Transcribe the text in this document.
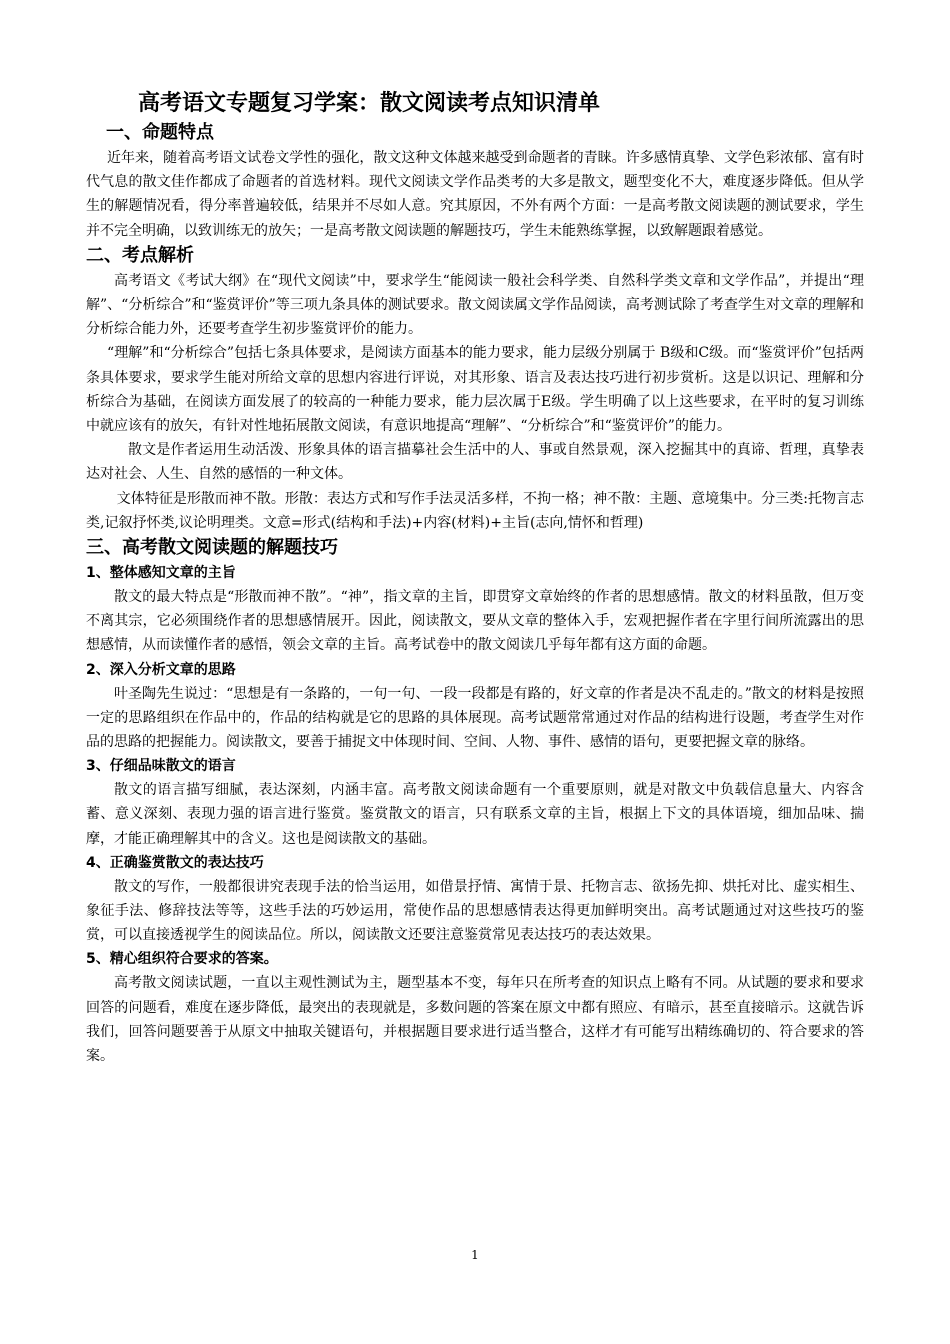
高考语文专题复习学案：散文阅读考点知识清单
一、命题特点

近年来，随着高考语文试卷文学性的强化，散文这种文体越来越受到命题者的青睐。许多感情真挚、文学色彩浓郁、富有时代气息的散文佳作都成了命题者的首选材料。现代文阅读文学作品类考的大多是散文，题型变化不大，难度逐步降低。但从学生的解题情况看，得分率普遍较低，结果并不尽如人意。究其原因，不外有两个方面：一是高考散文阅读题的测试要求，学生并不完全明确，以致训练无的放矢；一是高考散文阅读题的解题技巧，学生未能熟练掌握，以致解题跟着感觉。

二、考点解析

高考语文《考试大纲》在“现代文阅读”中，要求学生“能阅读一般社会科学类、自然科学类文章和文学作品”，并提出“理解”、“分析综合”和“鉴赏评价”等三项九条具体的测试要求。散文阅读属文学作品阅读，高考测试除了考查学生对文章的理解和分析综合能力外，还要考查学生初步鉴赏评价的能力。

“理解”和“分析综合”包括七条具体要求，是阅读方面基本的能力要求，能力层级分别属于 B级和C级。而“鉴赏评价”包括两条具体要求，要求学生能对所给文章的思想内容进行评说，对其形象、语言及表达技巧进行初步赏析。这是以识记、理解和分析综合为基础，在阅读方面发展了的较高的一种能力要求，能力层次属于E级。学生明确了以上这些要求，在平时的复习训练中就应该有的放矢，有针对性地拓展散文阅读，有意识地提高“理解”、“分析综合”和“鉴赏评价”的能力。

散文是作者运用生动活泼、形象具体的语言描摹社会生活中的人、事或自然景观，深入挖掘其中的真谛、哲理，真挚表达对社会、人生、自然的感悟的一种文体。

文体特征是形散而神不散。形散：表达方式和写作手法灵活多样，不拘一格；神不散：主题、意境集中。分三类:托物言志类,记叙抒怀类,议论明理类。文意=形式(结构和手法)+内容(材料)+主旨(志向,情怀和哲理)

三、高考散文阅读题的解题技巧
1、整体感知文章的主旨

散文的最大特点是“形散而神不散”。“神”，指文章的主旨，即贯穿文章始终的作者的思想感情。散文的材料虽散，但万变不离其宗，它必须围绕作者的思想感情展开。因此，阅读散文，要从文章的整体入手，宏观把握作者在字里行间所流露出的思想感情，从而读懂作者的感悟，领会文章的主旨。高考试卷中的散文阅读几乎每年都有这方面的命题。

2、深入分析文章的思路

叶圣陶先生说过：“思想是有一条路的，一句一句、一段一段都是有路的，好文章的作者是决不乱走的。”散文的材料是按照一定的思路组织在作品中的，作品的结构就是它的思路的具体展现。高考试题常常通过对作品的结构进行设题，考查学生对作品的思路的把握能力。阅读散文，要善于捕捉文中体现时间、空间、人物、事件、感情的语句，更要把握文章的脉络。

3、仔细品味散文的语言

散文的语言描写细腻，表达深刻，内涵丰富。高考散文阅读命题有一个重要原则，就是对散文中负载信息量大、内容含蓄、意义深刻、表现力强的语言进行鉴赏。鉴赏散文的语言，只有联系文章的主旨，根据上下文的具体语境，细加品味、揣摩，才能正确理解其中的含义。这也是阅读散文的基础。

4、正确鉴赏散文的表达技巧

散文的写作，一般都很讲究表现手法的恰当运用，如借景抒情、寓情于景、托物言志、欲扬先抑、烘托对比、虚实相生、象征手法、修辞技法等等，这些手法的巧妙运用，常使作品的思想感情表达得更加鲜明突出。高考试题通过对这些技巧的鉴赏，可以直接透视学生的阅读品位。所以，阅读散文还要注意鉴赏常见表达技巧的表达效果。

5、精心组织符合要求的答案。

高考散文阅读试题，一直以主观性测试为主，题型基本不变，每年只在所考查的知识点上略有不同。从试题的要求和要求回答的问题看，难度在逐步降低，最突出的表现就是，多数问题的答案在原文中都有照应、有暗示，甚至直接暗示。这就告诉我们，回答问题要善于从原文中抽取关键语句，并根据题目要求进行适当整合，这样才有可能写出精练确切的、符合要求的答案。

1
